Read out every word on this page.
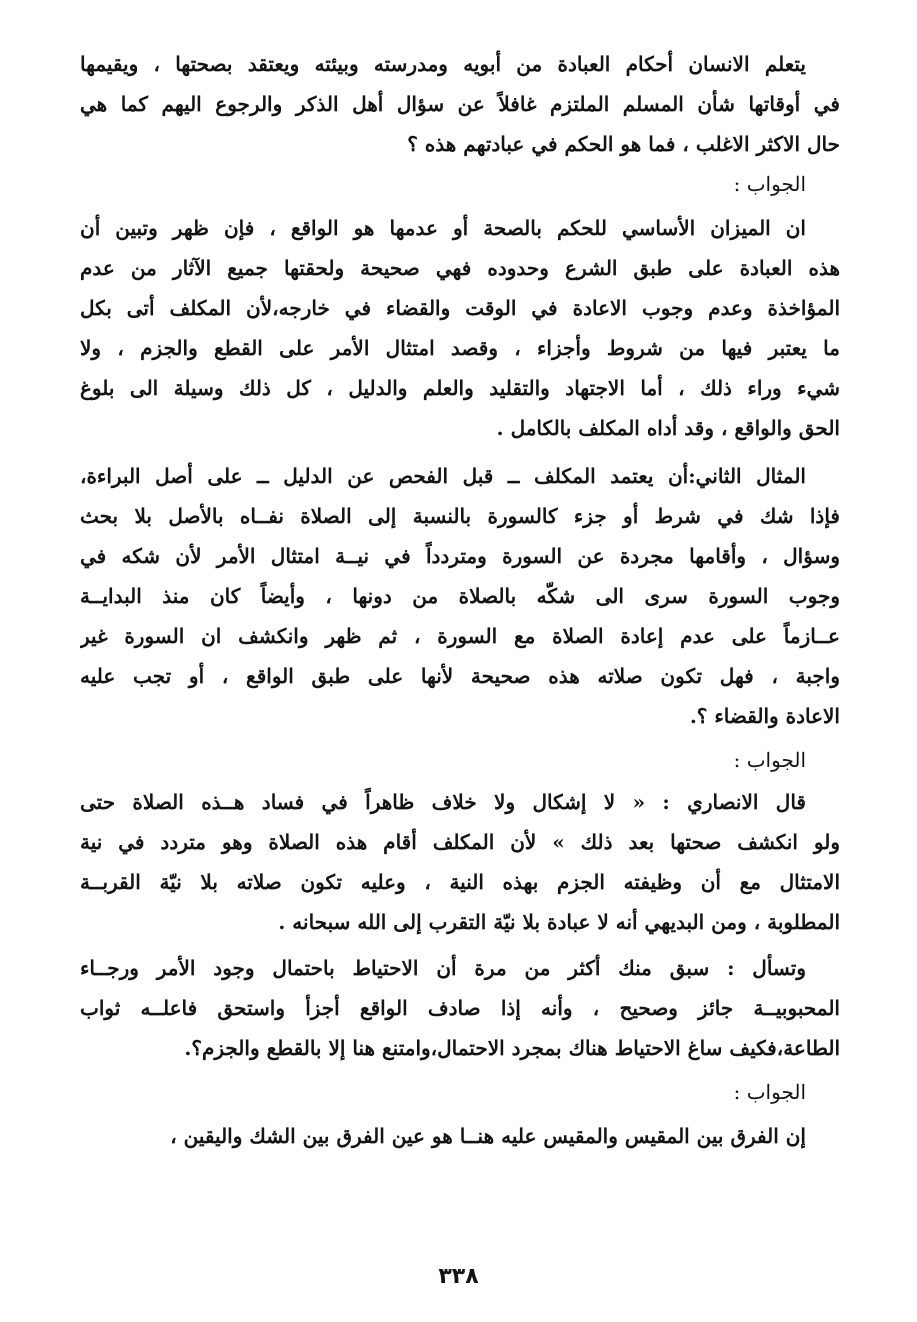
يتعلم الانسان أحكام العبادة من أبويه ومدرسته وبيئته ويعتقد بصحتها ، ويقيمها
في أوقاتها شأن المسلم الملتزم غافلاً عن سؤال أهل الذكر والرجوع اليهم كما هي
حال الاكثر الاغلب ، فما هو الحكم في عبادتهم هذه ؟
الجواب :
ان الميزان الأساسي للحكم بالصحة أو عدمها هو الواقع ، فإن ظهر وتبين أن
هذه العبادة على طبق الشرع وحدوده فهي صحيحة ولحقتها جميع الآثار من عدم
المؤاخذة وعدم وجوب الاعادة في الوقت والقضاء في خارجه،لأن المكلف أتى بكل
ما يعتبر فيها من شروط وأجزاء ، وقصد امتثال الأمر على القطع والجزم ، ولا
شيء وراء ذلك ، أما الاجتهاد والتقليد والعلم والدليل ، كل ذلك وسيلة الى بلوغ
الحق والواقع ، وقد أداه المكلف بالكامل .
المثال الثاني:أن يعتمد المكلف ــ قبل الفحص عن الدليل ــ على أصل البراءة،
فإذا شك في شرط أو جزء كالسورة بالنسبة إلى الصلاة نفــاه بالأصل بلا بحث
وسؤال ، وأقامها مجردة عن السورة ومتردداً في نيــة امتثال الأمر لأن شكه في
وجوب السورة سرى الى شكّه بالصلاة من دونها ، وأيضاً كان منذ البدايــة
عــازماً على عدم إعادة الصلاة مع السورة ، ثم ظهر وانكشف ان السورة غير
واجبة ، فهل تكون صلاته هذه صحيحة لأنها على طبق الواقع ، أو تجب عليه
الاعادة والقضاء ؟.
الجواب :
قال الانصاري : « لا إشكال ولا خلاف ظاهراً في فساد هــذه الصلاة حتى
ولو انكشف صحتها بعد ذلك » لأن المكلف أقام هذه الصلاة وهو متردد في نية
الامتثال مع أن وظيفته الجزم بهذه النية ، وعليه تكون صلاته بلا نيّة القربــة
المطلوبة ، ومن البديهي أنه لا عبادة بلا نيّة التقرب إلى الله سبحانه .
وتسأل : سبق منك أكثر من مرة أن الاحتياط باحتمال وجود الأمر ورجــاء
المحبوبيــة جائز وصحيح ، وأنه إذا صادف الواقع أجزأ واستحق فاعلــه ثواب
الطاعة،فكيف ساغ الاحتياط هناك بمجرد الاحتمال،وامتنع هنا إلا بالقطع والجزم؟.
الجواب :
إن الفرق بين المقيس والمقيس عليه هنــا هو عين الفرق بين الشك واليقين ،
٣٣٨
